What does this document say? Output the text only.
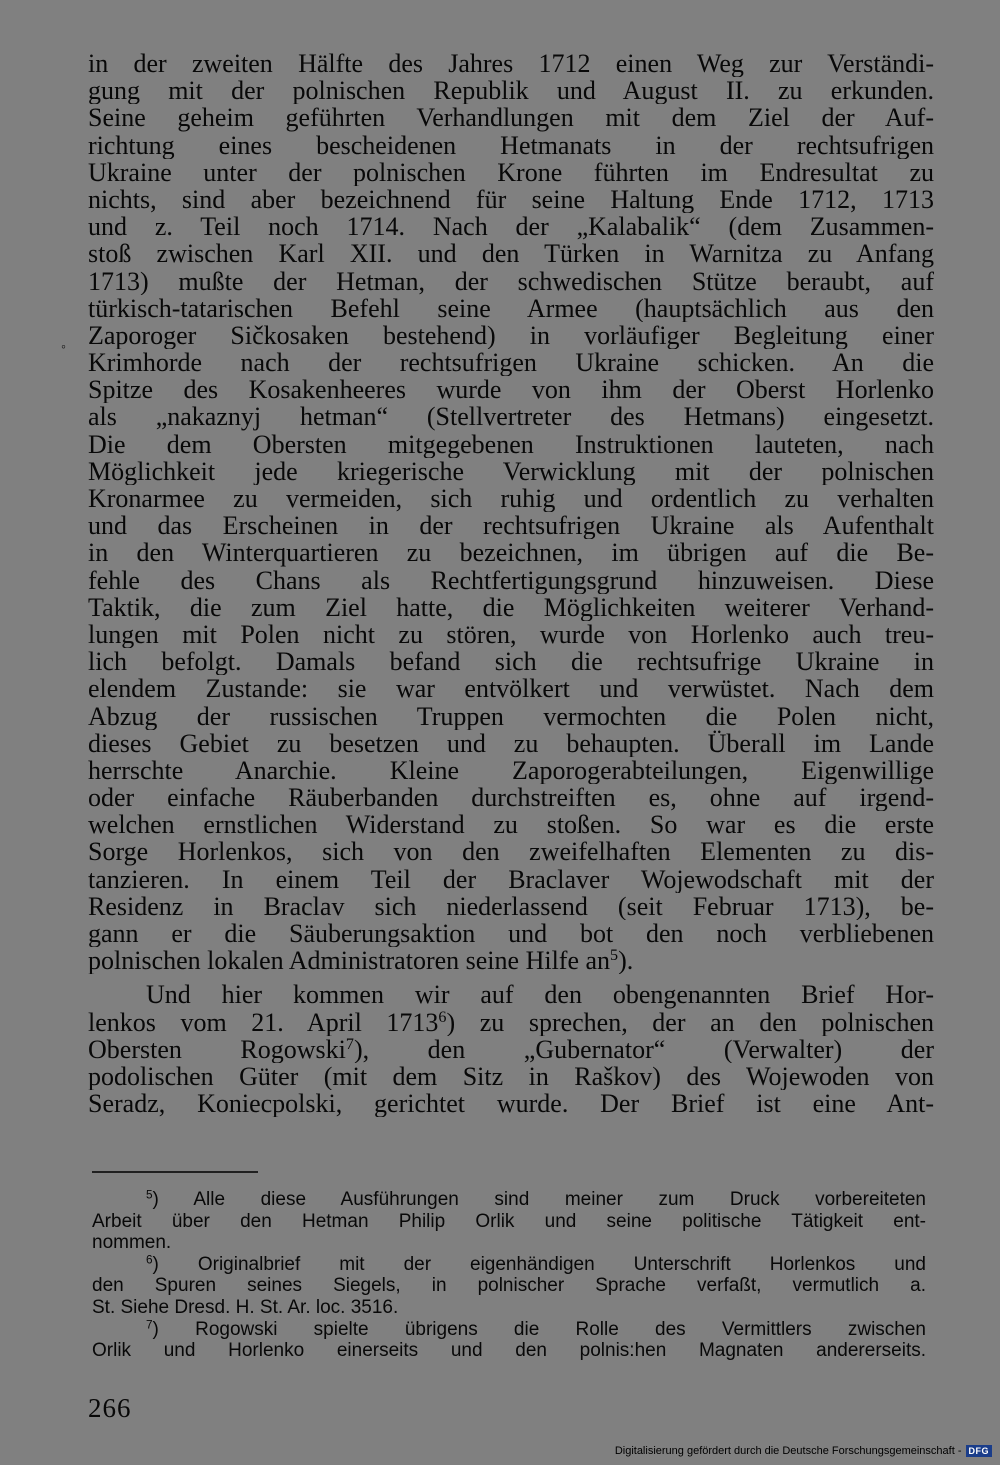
◦
in der zweiten Hälfte des Jahres 1712 einen Weg zur Verständi-
gung mit der polnischen Republik und August II. zu erkunden.
Seine geheim geführten Verhandlungen mit dem Ziel der Auf-
richtung eines bescheidenen Hetmanats in der rechtsufrigen
Ukraine unter der polnischen Krone führten im Endresultat zu
nichts, sind aber bezeichnend für seine Haltung Ende 1712, 1713
und z. Teil noch 1714. Nach der „Kalabalik“ (dem Zusammen-
stoß zwischen Karl XII. und den Türken in Warnitza zu Anfang
1713) mußte der Hetman, der schwedischen Stütze beraubt, auf
türkisch-tatarischen Befehl seine Armee (hauptsächlich aus den
Zaporoger Sičkosaken bestehend) in vorläufiger Begleitung einer
Krimhorde nach der rechtsufrigen Ukraine schicken. An die
Spitze des Kosakenheeres wurde von ihm der Oberst Horlenko
als „nakaznyj hetman“ (Stellvertreter des Hetmans) eingesetzt.
Die dem Obersten mitgegebenen Instruktionen lauteten, nach
Möglichkeit jede kriegerische Verwicklung mit der polnischen
Kronarmee zu vermeiden, sich ruhig und ordentlich zu verhalten
und das Erscheinen in der rechtsufrigen Ukraine als Aufenthalt
in den Winterquartieren zu bezeichnen, im übrigen auf die Be-
fehle des Chans als Rechtfertigungsgrund hinzuweisen. Diese
Taktik, die zum Ziel hatte, die Möglichkeiten weiterer Verhand-
lungen mit Polen nicht zu stören, wurde von Horlenko auch treu-
lich befolgt. Damals befand sich die rechtsufrige Ukraine in
elendem Zustande: sie war entvölkert und verwüstet. Nach dem
Abzug der russischen Truppen vermochten die Polen nicht,
dieses Gebiet zu besetzen und zu behaupten. Überall im Lande
herrschte Anarchie. Kleine Zaporogerabteilungen, Eigenwillige
oder einfache Räuberbanden durchstreiften es, ohne auf irgend-
welchen ernstlichen Widerstand zu stoßen. So war es die erste
Sorge Horlenkos, sich von den zweifelhaften Elementen zu dis-
tanzieren. In einem Teil der Braclaver Wojewodschaft mit der
Residenz in Braclav sich niederlassend (seit Februar 1713), be-
gann er die Säuberungsaktion und bot den noch verbliebenen
polnischen lokalen Administratoren seine Hilfe $an^5$).
Und hier kommen wir auf den obengenannten Brief Hor-
lenkos vom 21. April 1713$^6$) zu sprechen, der an den polnischen
Obersten Rogowski$^7$), den „Gubernator“ (Verwalter) der
podolischen Güter (mit dem Sitz in Raškov) des Wojewoden von
Seradz, Koniecpolski, gerichtet wurde. Der Brief ist eine Ant-
$^5$) Alle diese Ausführungen sind meiner zum Druck vorbereiteten
Arbeit über den Hetman Philip Orlik und seine politische Tätigkeit ent-
nommen.
$^6$) Originalbrief mit der eigenhändigen Unterschrift Horlenkos und
den Spuren seines Siegels, in polnischer Sprache verfaßt, vermutlich a.
St. Siehe Dresd. H. St. Ar. loc. 3516.
$^7$) Rogowski spielte übrigens die Rolle des Vermittlers zwischen
Orlik und Horlenko einerseits und den polnis:hen Magnaten andererseits.
266
Digitalisierung gefördert durch die Deutsche Forschungsgemeinschaft - DFG
